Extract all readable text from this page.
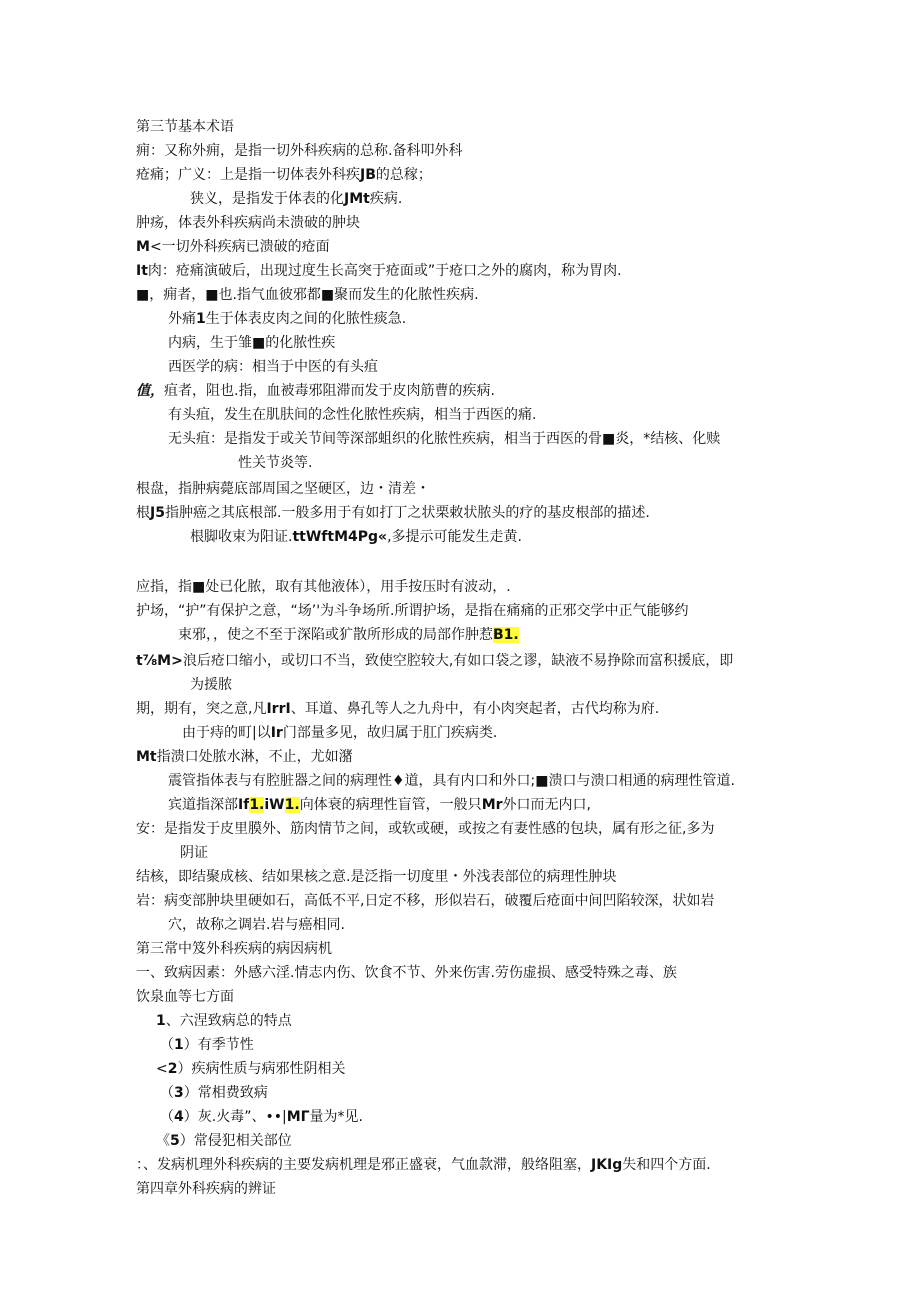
第三节基本术语
痈：又称外痈，是指一切外科疾病的总称.备科叩外科
疮痛；广义：上是指一切体表外科疾JB的总稼；
狭义，是指发于体表的化JMt疾病.
肿疡，体表外科疾病尚未溃破的肿块
M<一切外科疾病已溃破的疮面
It肉：疮痛演破后，出现过度生长高突于疮面或”于疮口之外的腐肉，称为胃肉.
■，痈者，■也.指气血彼邪都■聚而发生的化脓性疾病.
外痛1生于体表皮肉之间的化脓性痰急.
内病，生于雏■的化脓性疾
西医学的病：相当于中医的有头疽
值，疽者，阻也.指，血被毒邪阻滞而发于皮肉筋曹的疾病.
有头疽，发生在肌肤间的念性化脓性疾病，相当于西医的痛.
无头疽：是指发于或关节间等深部蛆织的化脓性疾病，相当于西医的骨■炎，*结核、化赎
性关节炎等.
根盘，指肿病薨底部周国之坚硬区，边・清差・
根J5指肿癌之其底根部.一般多用于有如打丁之状栗敕状脓头的疗的基皮根部的描述.
根脚收束为阳证.ttWftM4Pg«,多提示可能发生走黄.
应指，指■处已化脓，取有其他液体），用手按压时有波动，.
护场，“护”有保护之意，“场’'为斗争场所.所谓护场，是指在痛痛的正邪交学中正气能够约
束邪，，使之不至于深陷或犷散所形成的局部作肿惹B1.
t⅞M>浪后疮口缩小，或切口不当，致使空腔较大,有如口袋之谬，缺液不易挣除而富积援底，即
为援脓
期，期有，突之意,凡IrrI、耳道、鼻孔等人之九舟中，有小肉突起者，古代均称为府.
由于痔的町|以Ir门部量多见，故归属于肛门疾病类.
Mt指溃口处脓水淋，不止，尤如潴
震管指体表与有腔脏器之间的病理性♦道，具有内口和外口;■溃口与溃口相通的病理性管道.
宾道指深部If1.iW1.向体衰的病理性盲管，一般只Mr外口而无内口,
安：是指发于皮里膜外、筋肉情节之间，或软或硬，或按之有妻性感的包块，属有形之征,多为
阴证
结核，即结聚成核、结如果核之意.是泛指一切度里・外浅表部位的病理性肿块
岩：病变部肿块里硬如石，高低不平,日定不移，形似岩石，破覆后疮面中间凹陷较深，状如岩
穴，故称之调岩.岩与癌相同.
第三常中笈外科疾病的病因病机
一、致病因素：外感六淫.情志内伤、饮食不节、外来伤害.劳伤虚损、感受特殊之毒、族
饮泉血等七方面
1、六涅致病总的特点
（1）有季节性
<2）疾病性质与病邪性阴相关
（3）常相费致病
（4）灰.火毒”、••|MΓ量为*见.
《5）常侵犯相关部位
：、发病机理外科疾病的主要发病机理是邪正盛衰，气血款滞，般络阻塞，JKIg失和四个方面.
第四章外科疾病的辨证
